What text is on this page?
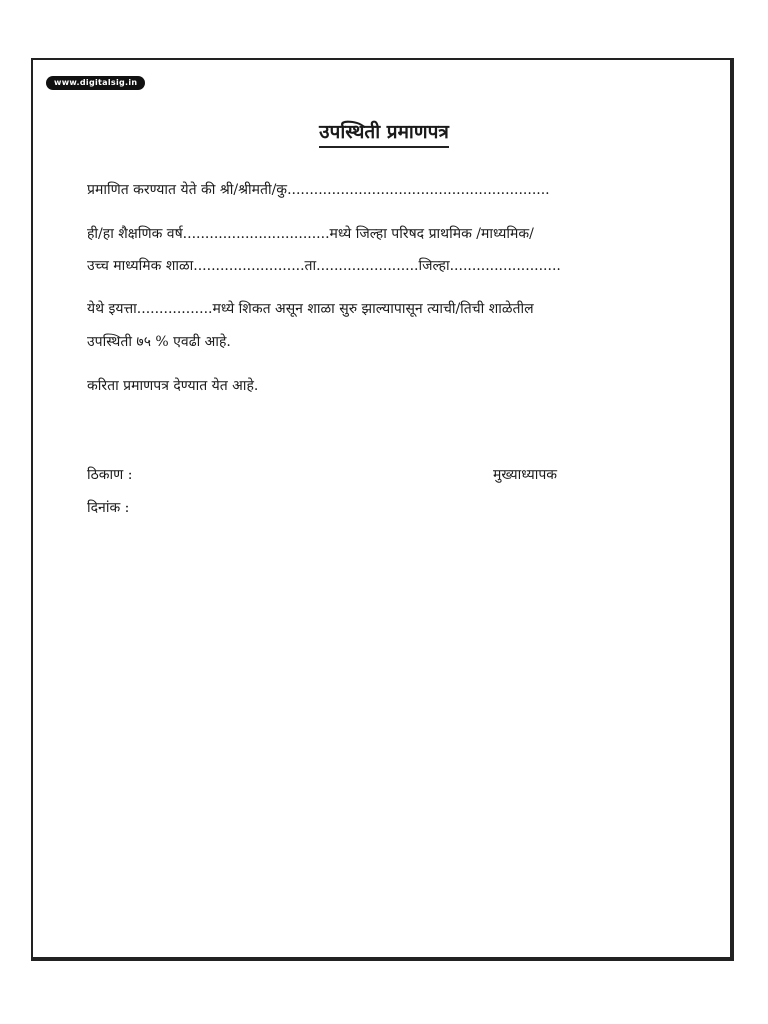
www.digitalsig.in
उपस्थिती प्रमाणपत्र
प्रमाणित करण्यात येते की श्री/श्रीमती/कु...........................................................
ही/हा शैक्षणिक वर्ष.................................मध्ये जिल्हा परिषद प्राथमिक /माध्यमिक/
उच्च माध्यमिक शाळा.........................ता.......................जिल्हा.........................
येथे इयत्ता.................मध्ये शिकत असून शाळा सुरु झाल्यापासून त्याची/तिची शाळेतील
उपस्थिती ७५ % एवढी आहे.
करिता प्रमाणपत्र देण्यात येत आहे.
ठिकाण :
दिनांक :
मुख्याध्यापक
